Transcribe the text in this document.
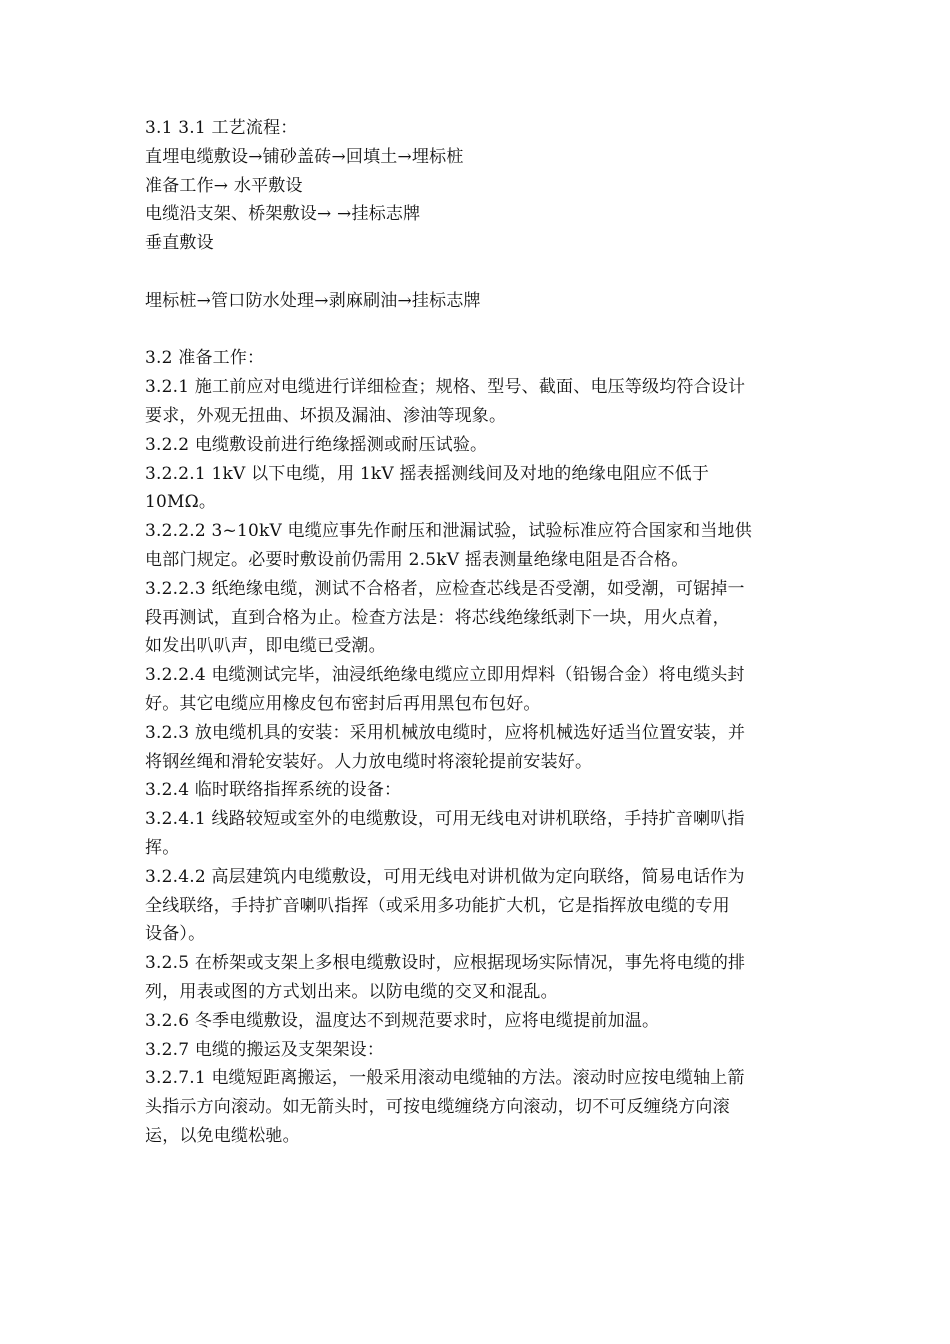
3.1 3.1 工艺流程：

直埋电缆敷设→铺砂盖砖→回填土→埋标桩

准备工作→ 水平敷设

电缆沿支架、桥架敷设→ →挂标志牌

垂直敷设

埋标桩→管口防水处理→剥麻刷油→挂标志牌

3.2 准备工作：

3.2.1 施工前应对电缆进行详细检查；规格、型号、截面、电压等级均符合设计

要求，外观无扭曲、坏损及漏油、渗油等现象。

3.2.2 电缆敷设前进行绝缘摇测或耐压试验。

3.2.2.1 1kV 以下电缆，用 1kV 摇表摇测线间及对地的绝缘电阻应不低于

10MΩ。

3.2.2.2 3~10kV 电缆应事先作耐压和泄漏试验，试验标准应符合国家和当地供

电部门规定。必要时敷设前仍需用 2.5kV 摇表测量绝缘电阻是否合格。

3.2.2.3 纸绝缘电缆，测试不合格者，应检查芯线是否受潮，如受潮，可锯掉一

段再测试，直到合格为止。检查方法是：将芯线绝缘纸剥下一块，用火点着，

如发出叭叭声，即电缆已受潮。

3.2.2.4 电缆测试完毕，油浸纸绝缘电缆应立即用焊料（铅锡合金）将电缆头封

好。其它电缆应用橡皮包布密封后再用黑包布包好。

3.2.3 放电缆机具的安装：采用机械放电缆时，应将机械选好适当位置安装，并

将钢丝绳和滑轮安装好。人力放电缆时将滚轮提前安装好。

3.2.4 临时联络指挥系统的设备：

3.2.4.1 线路较短或室外的电缆敷设，可用无线电对讲机联络，手持扩音喇叭指

挥。

3.2.4.2 高层建筑内电缆敷设，可用无线电对讲机做为定向联络，简易电话作为

全线联络，手持扩音喇叭指挥（或采用多功能扩大机，它是指挥放电缆的专用

设备）。

3.2.5 在桥架或支架上多根电缆敷设时，应根据现场实际情况，事先将电缆的排

列，用表或图的方式划出来。以防电缆的交叉和混乱。

3.2.6 冬季电缆敷设，温度达不到规范要求时，应将电缆提前加温。

3.2.7 电缆的搬运及支架架设：

3.2.7.1 电缆短距离搬运，一般采用滚动电缆轴的方法。滚动时应按电缆轴上箭

头指示方向滚动。如无箭头时，可按电缆缠绕方向滚动，切不可反缠绕方向滚

运，以免电缆松驰。
